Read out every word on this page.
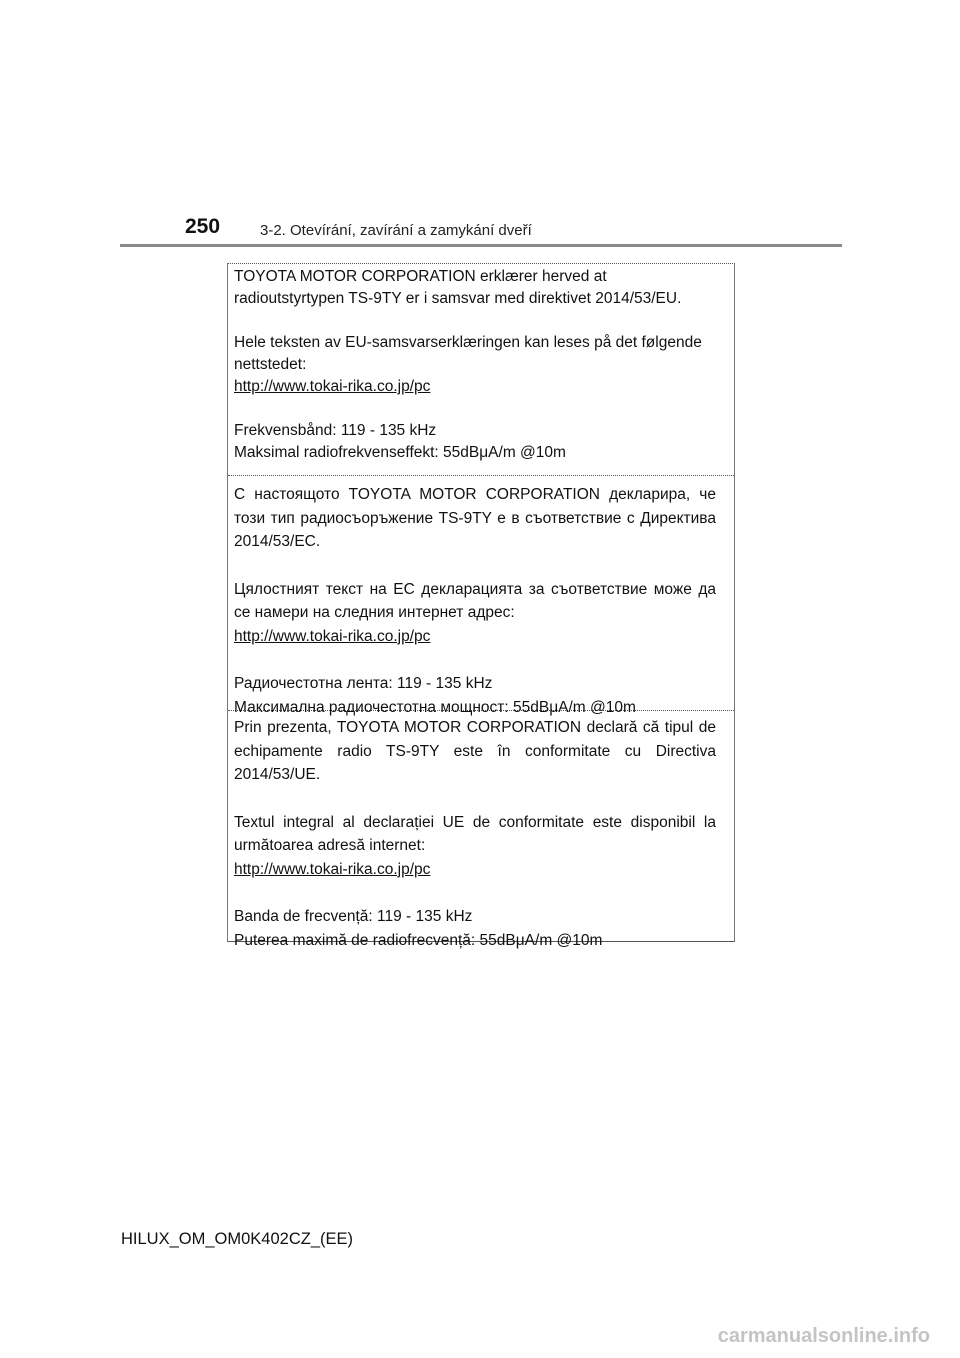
250	3-2. Otevírání, zavírání a zamykání dveří

TOYOTA MOTOR CORPORATION erklærer herved at radioutstyrtypen TS-9TY er i samsvar med direktivet 2014/53/EU.

Hele teksten av EU-samsvarserklæringen kan leses på det følgende nettstedet:

http://www.tokai-rika.co.jp/pc

Frekvensbånd: 119 - 135 kHz

Maksimal radiofrekvenseffekt: 55dBμA/m @10m

С настоящото TOYOTA MOTOR CORPORATION декларира, че този тип радиосъоръжение TS-9TY е в съответствие с Директива 2014/53/ЕС.

Цялостният текст на ЕС декларацията за съответствие може да се намери на следния интернет адрес:

http://www.tokai-rika.co.jp/pc

Радиочестотна лента: 119 - 135 kHz

Максимална радиочестотна мощност: 55dBμA/m @10m

Prin prezenta, TOYOTA MOTOR CORPORATION declară că tipul de echipamente radio TS-9TY este în conformitate cu Directiva 2014/53/UE.

Textul integral al declarației UE de conformitate este disponibil la următoarea adresă internet:

http://www.tokai-rika.co.jp/pc

Banda de frecvență: 119 - 135 kHz

Puterea maximă de radiofrecvență: 55dBμA/m @10m

HILUX_OM_OM0K402CZ_(EE)
carmanualsonline.info
